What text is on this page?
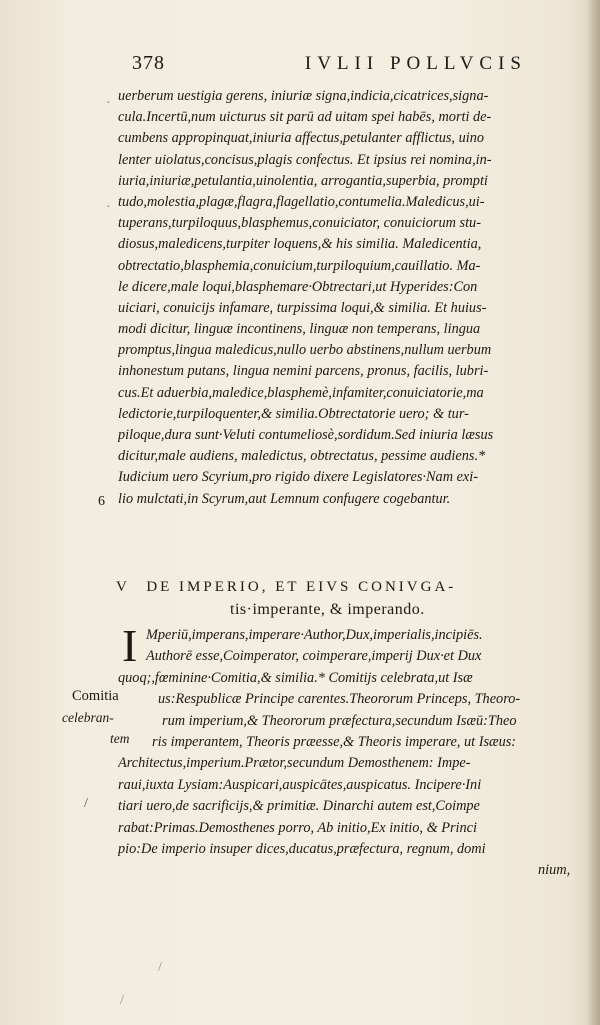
378	IVLII POLLVCIS
uerberum uestigia gerens, iniuriæ signa,indicia,cicatrices,signa-
cula.Incertū,num uicturus sit parū ad uitam spei habēs, morti de-
cumbens appropinquat,iniuria affectus,petulanter afflictus, uino
lenter uiolatus,concisus,plagis confectus. Et ipsius rei nomina,in-
iuria,iniuriæ,petulantia,uinolentia, arrogantia,superbia, prompti
tudo,molestia,plagæ,flagra,flagellatio,contumelia.Maledicus,ui-
tuperans,turpiloquus,blasphemus,conuiciator, conuiciorum stu-
diosus,maledicens,turpiter loquens,& his similia. Maledicentia,
obtrectatio,blasphemia,conuicium,turpiloquium,cauillatio. Ma-
le dicere,male loqui,blasphemare·Obtrectari,ut Hyperides:Con
uiciari, conuicijs infamare, turpissima loqui,& similia. Et huius-
modi dicitur, linguæ incontinens, linguæ non temperans, lingua
promptus,lingua maledicus,nullo uerbo abstinens,nullum uerbum
inhonestum putans, lingua nemini parcens, pronus, facilis, lubri-
cus.Et aduerbia,maledice,blasphemè,infamiter,conuiciatorie,ma
ledictorie,turpiloquenter,& similia.Obtrectatorie uero; & tur-
piloque,dura sunt·Veluti contumeliosè,sordidum.Sed iniuria læsus
dicitur,male audiens, maledictus, obtrectatus, pessime audiens.*
Iudicium uero Scyrium,pro rigido dixere Legislatores·Nam exi-
lio mulctati,in Scyrum,aut Lemnum confugere cogebantur.
V DE IMPERIO, ET EIVS CONIVGA-
tis·imperante, & imperando.
I Mperiū,imperans,imperare·Author,Dux,imperialis,incipiēs.
Authorē esse,Coimperator, coimperare,imperij Dux·et Dux
quoq;,fœminine·Comitia,& similia.* Comitijs celebrata,ut Isæ
us:Respublicæ Principe carentes.Theororum Princeps, Theoro-
rum imperium,& Theororum præfectura,secundum Isæū:Theo
ris imperantem, Theoris præesse,& Theoris imperare, ut Isæus:
Architectus,imperium.Prætor,secundum Demosthenem: Impe-
raui,iuxta Lysiam:Auspicari,auspicātes,auspicatus. Incipere·Ini
tiari uero,de sacrificijs,& primitiæ. Dinarchi autem est,Coimpe
rabat:Primas.Demosthenes porro, Ab initio,Ex initio, & Princi
pio:De imperio insuper dices,ducatus,præfectura, regnum, domi
nium,
6
Comitia
celebran-
tem
/
/
/
·
·
